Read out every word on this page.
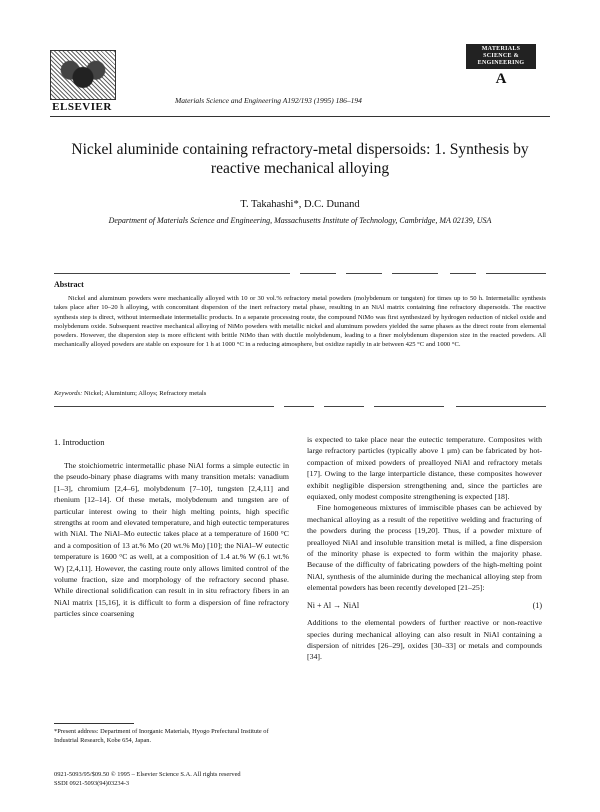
ELSEVIER
Materials Science and Engineering A192/193 (1995) 186–194
MATERIALS
SCIENCE &
ENGINEERING
A
Nickel aluminide containing refractory-metal dispersoids: 1. Synthesis by reactive mechanical alloying
T. Takahashi*, D.C. Dunand
Department of Materials Science and Engineering, Massachusetts Institute of Technology, Cambridge, MA 02139, USA
Abstract
Nickel and aluminum powders were mechanically alloyed with 10 or 30 vol.% refractory metal powders (molybdenum or tungsten) for times up to 50 h. Intermetallic synthesis takes place after 10–20 h alloying, with concomitant dispersion of the inert refractory metal phase, resulting in an NiAl matrix containing fine refractory dispersoids. The reactive synthesis step is direct, without intermediate intermetallic products. In a separate processing route, the compound NiMo was first synthesized by hydrogen reduction of nickel oxide and molybdenum oxide. Subsequent reactive mechanical alloying of NiMo powders with metallic nickel and aluminum powders yielded the same phases as the direct route from elemental powders. However, the dispersion step is more efficient with brittle NiMo than with ductile molybdenum, leading to a finer molybdenum dispersion size in the reacted powders. All mechanically alloyed powders are stable on exposure for 1 h at 1000 °C in a reducing atmosphere, but oxidize rapidly in air between 425 °C and 1000 °C.
Keywords: Nickel; Aluminium; Alloys; Refractory metals
1. Introduction

The stoichiometric intermetallic phase NiAl forms a simple eutectic in the pseudo-binary phase diagrams with many transition metals: vanadium [1–3], chromium [2,4–6], molybdenum [7–10], tungsten [2,4,11] and rhenium [12–14]. Of these metals, molybdenum and tungsten are of particular interest owing to their high melting points, high specific strengths at room and elevated temperature, and high eutectic temperatures with NiAl. The NiAl–Mo eutectic takes place at a temperature of 1600 °C and a composition of 13 at.% Mo (20 wt.% Mo) [10]; the NiAl–W eutectic temperature is 1600 °C as well, at a composition of 1.4 at.% W (6.1 wt.% W) [2,4,11]. However, the casting route only allows limited control of the volume fraction, size and morphology of the refractory second phase. While directional solidification can result in in situ refractory fibers in an NiAl matrix [15,16], it is difficult to form a dispersion of fine refractory particles since coarsening

is expected to take place near the eutectic temperature. Composites with large refractory particles (typically above 1 μm) can be fabricated by hot-compaction of mixed powders of prealloyed NiAl and refractory metals [17]. Owing to the large interparticle distance, these composites however exhibit negligible dispersion strengthening and, since the particles are equiaxed, only modest composite strengthening is expected [18].

Fine homogeneous mixtures of immiscible phases can be achieved by mechanical alloying as a result of the repetitive welding and fracturing of the powders during the process [19,20]. Thus, if a powder mixture of prealloyed NiAl and insoluble transition metal is milled, a fine dispersion of the minority phase is expected to form within the majority phase. Because of the difficulty of fabricating powders of the high-melting point NiAl, synthesis of the aluminide during the mechanical alloying step from elemental powders has been recently developed [21–25]:

Ni + Al → NiAl	(1)

Additions to the elemental powders of further reactive or non-reactive species during mechanical alloying can also result in NiAl containing a dispersion of nitrides [26–29], oxides [30–33] or metals and compounds [34].

*Present address: Department of Inorganic Materials, Hyogo Prefectural Institute of Industrial Research, Kobe 654, Japan.
0921-5093/95/$09.50 © 1995 – Elsevier Science S.A. All rights reserved
SSDI 0921-5093(94)03234-3
